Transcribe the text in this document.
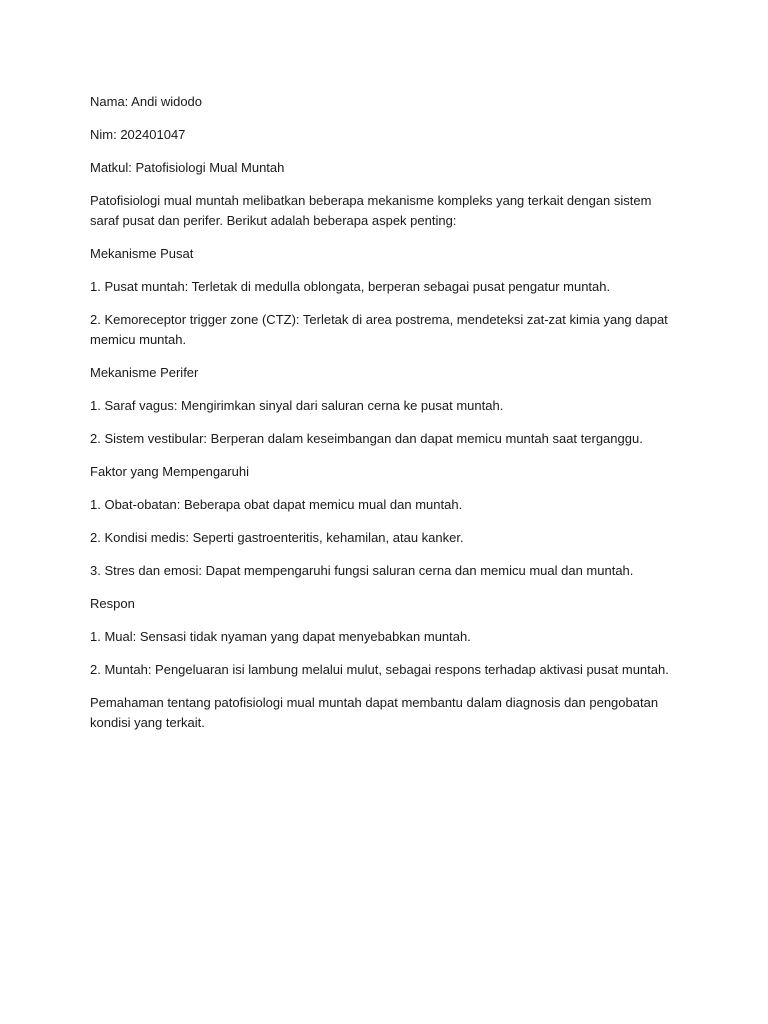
Nama: Andi widodo

Nim: 202401047

Matkul: Patofisiologi Mual Muntah

Patofisiologi mual muntah melibatkan beberapa mekanisme kompleks yang terkait dengan sistem saraf pusat dan perifer. Berikut adalah beberapa aspek penting:

Mekanisme Pusat

1. Pusat muntah: Terletak di medulla oblongata, berperan sebagai pusat pengatur muntah.

2. Kemoreceptor trigger zone (CTZ): Terletak di area postrema, mendeteksi zat-zat kimia yang dapat memicu muntah.

Mekanisme Perifer

1. Saraf vagus: Mengirimkan sinyal dari saluran cerna ke pusat muntah.

2. Sistem vestibular: Berperan dalam keseimbangan dan dapat memicu muntah saat terganggu.

Faktor yang Mempengaruhi

1. Obat-obatan: Beberapa obat dapat memicu mual dan muntah.

2. Kondisi medis: Seperti gastroenteritis, kehamilan, atau kanker.

3. Stres dan emosi: Dapat mempengaruhi fungsi saluran cerna dan memicu mual dan muntah.

Respon

1. Mual: Sensasi tidak nyaman yang dapat menyebabkan muntah.

2. Muntah: Pengeluaran isi lambung melalui mulut, sebagai respons terhadap aktivasi pusat muntah.

Pemahaman tentang patofisiologi mual muntah dapat membantu dalam diagnosis dan pengobatan kondisi yang terkait.
